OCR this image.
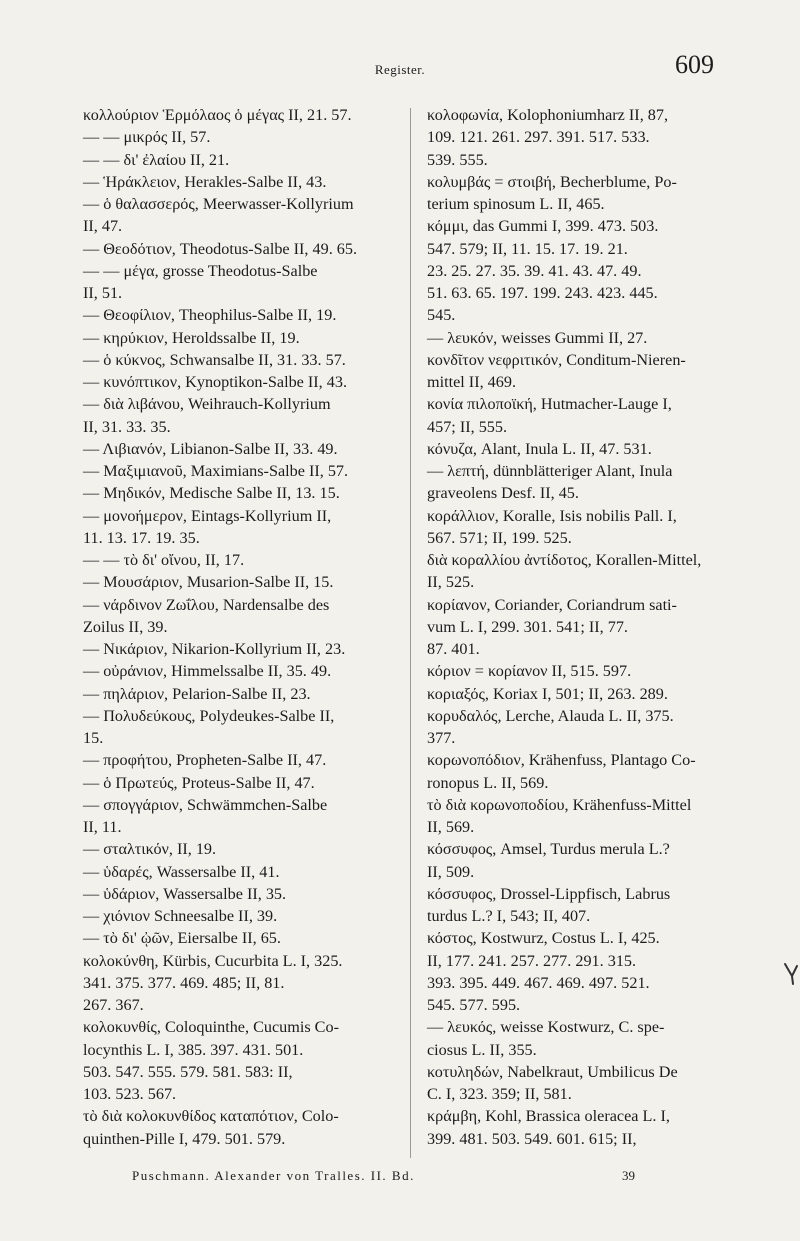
Register.	609
κολλούριον Ἑρμόλαος ὁ μέγας II, 21. 57.
— — μικρός II, 57.
— — δι' ἐλαίου II, 21.
— Ἡράκλειον, Herakles-Salbe II, 43.
— ὁ θαλασσερός, Meerwasser-Kollyrium
II, 47.
— Θεοδότιον, Theodotus-Salbe II, 49. 65.
— — μέγα, grosse Theodotus-Salbe
II, 51.
— Θεοφίλιον, Theophilus-Salbe II, 19.
— κηρύκιον, Heroldssalbe II, 19.
— ὁ κύκνος, Schwansalbe II, 31. 33. 57.
— κυνόπτικον, Kynoptikon-Salbe II, 43.
— διὰ λιβάνου, Weihrauch-Kollyrium
II, 31. 33. 35.
— Λιβιανόν, Libianon-Salbe II, 33. 49.
— Μαξιμιανοῦ, Maximians-Salbe II, 57.
— Μηδικόν, Medische Salbe II, 13. 15.
— μονοήμερον, Eintags-Kollyrium II,
11. 13. 17. 19. 35.
— — τὸ δι' οἴνου, II, 17.
— Μουσάριον, Musarion-Salbe II, 15.
— νάρδινον Ζωΐλου, Nardensalbe des
Zoilus II, 39.
— Νικάριον, Nikarion-Kollyrium II, 23.
— οὐράνιον, Himmelssalbe II, 35. 49.
— πηλάριον, Pelarion-Salbe II, 23.
— Πολυδεύκους, Polydeukes-Salbe II,
15.
— προφήτου, Propheten-Salbe II, 47.
— ὁ Πρωτεύς, Proteus-Salbe II, 47.
— σπογγάριον, Schwämmchen-Salbe
II, 11.
— σταλτικόν, II, 19.
— ὑδαρές, Wassersalbe II, 41.
— ὑδάριον, Wassersalbe II, 35.
— χιόνιον Schneesalbe II, 39.
— τὸ δι' ᾠῶν, Eiersalbe II, 65.
κολοκύνθη, Kürbis, Cucurbita L. I, 325.
341. 375. 377. 469. 485; II, 81.
267. 367.
κολοκυνθίς, Coloquinthe, Cucumis Co-
locynthis L. I, 385. 397. 431. 501.
503. 547. 555. 579. 581. 583: II,
103. 523. 567.
τὸ διὰ κολοκυνθίδος καταπότιον, Colo-
quinthen-Pille I, 479. 501. 579.
κολοφωνία, Kolophoniumharz II, 87,
109. 121. 261. 297. 391. 517. 533.
539. 555.
κολυμβάς = στοιβή, Becherblume, Po-
terium spinosum L. II, 465.
κόμμι, das Gummi I, 399. 473. 503.
547. 579; II, 11. 15. 17. 19. 21.
23. 25. 27. 35. 39. 41. 43. 47. 49.
51. 63. 65. 197. 199. 243. 423. 445.
545.
— λευκόν, weisses Gummi II, 27.
κονδῖτον νεφριτικόν, Conditum-Nieren-
mittel II, 469.
κονία πιλοποϊκή, Hutmacher-Lauge I,
457; II, 555.
κόνυζα, Alant, Inula L. II, 47. 531.
— λεπτή, dünnblätteriger Alant, Inula
graveolens Desf. II, 45.
κοράλλιον, Koralle, Isis nobilis Pall. I,
567. 571; II, 199. 525.
διὰ κοραλλίου ἀντίδοτος, Korallen-Mittel,
II, 525.
κορίανον, Coriander, Coriandrum sati-
vum L. I, 299. 301. 541; II, 77.
87. 401.
κόριον = κορίανον II, 515. 597.
κοριαξός, Koriax I, 501; II, 263. 289.
κορυδαλός, Lerche, Alauda L. II, 375.
377.
κορωνοπόδιον, Krähenfuss, Plantago Co-
ronopus L. II, 569.
τὸ διὰ κορωνοποδίου, Krähenfuss-Mittel
II, 569.
κόσσυφος, Amsel, Turdus merula L.?
II, 509.
κόσσυφος, Drossel-Lippfisch, Labrus
turdus L.? I, 543; II, 407.
κόστος, Kostwurz, Costus L. I, 425.
II, 177. 241. 257. 277. 291. 315.
393. 395. 449. 467. 469. 497. 521.
545. 577. 595.
— λευκός, weisse Kostwurz, C. spe-
ciosus L. II, 355.
κοτυληδών, Nabelkraut, Umbilicus De
C. I, 323. 359; II, 581.
κράμβη, Kohl, Brassica oleracea L. I,
399. 481. 503. 549. 601. 615; II,
Puschmann. Alexander von Tralles. II. Bd.	39
